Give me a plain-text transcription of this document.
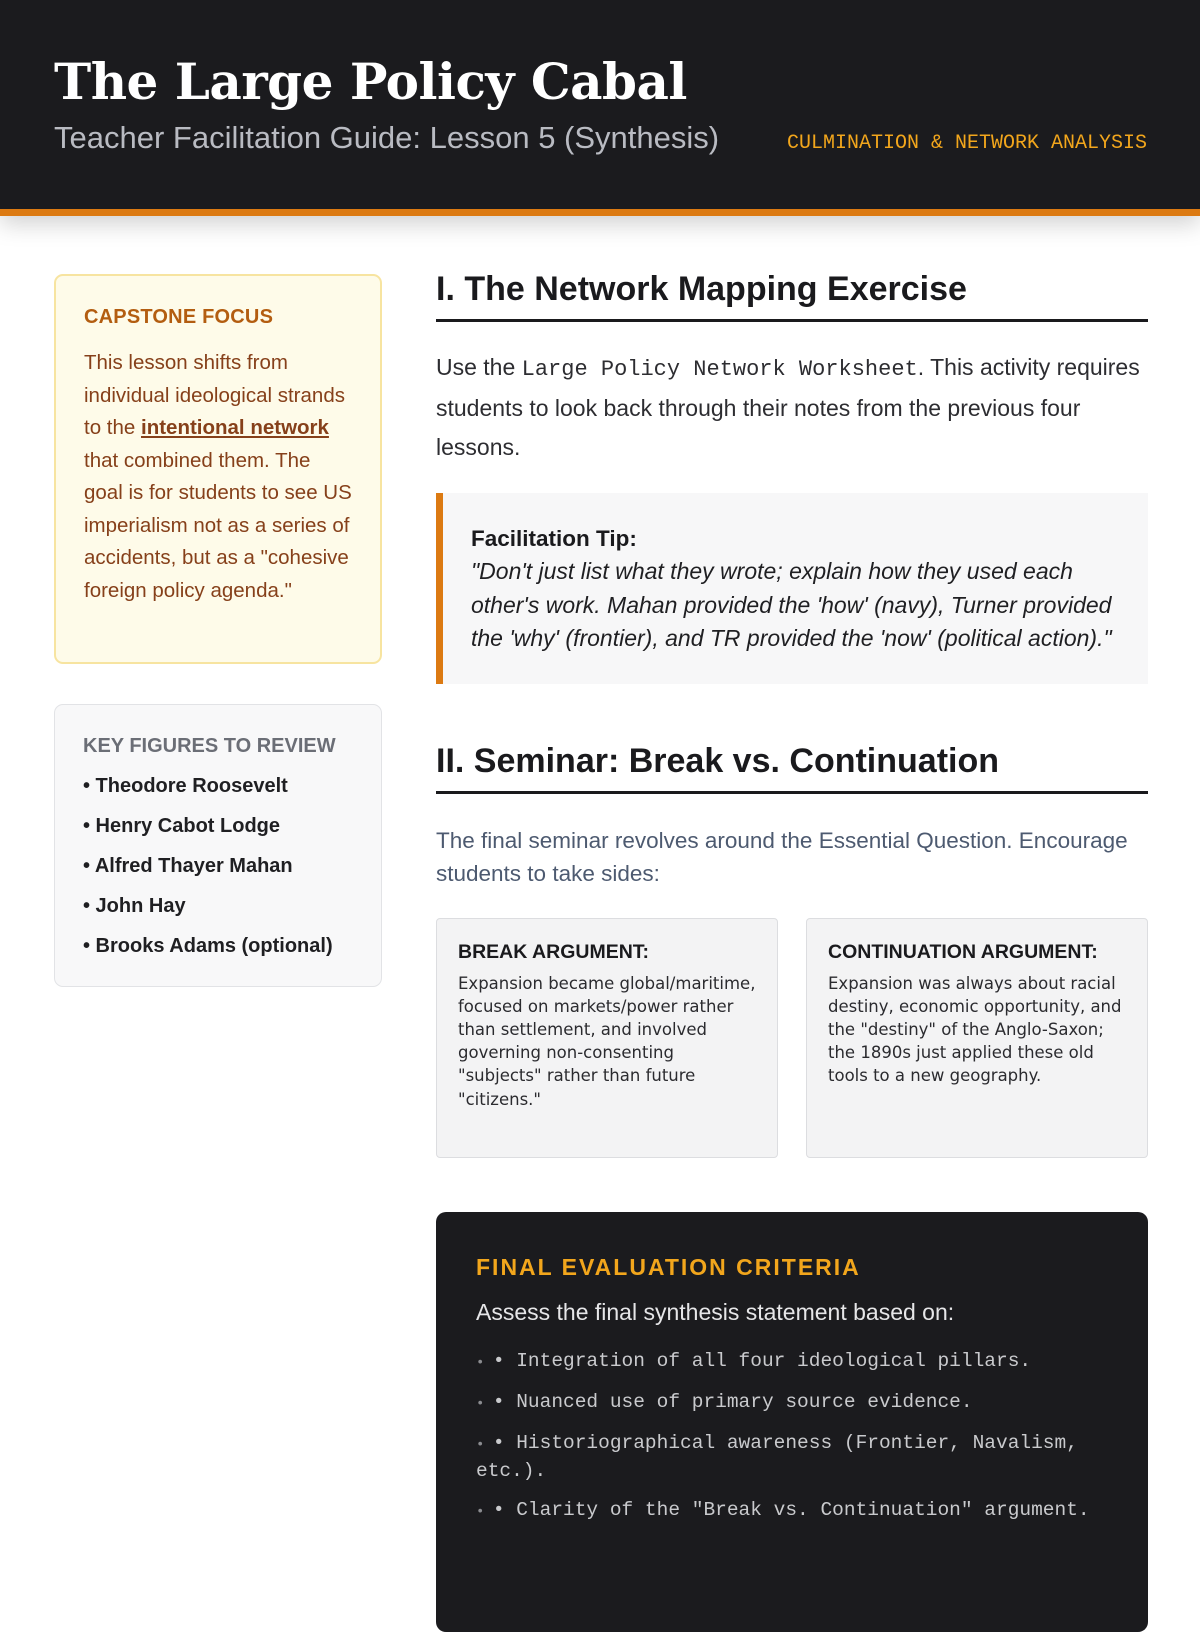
The Large Policy Cabal
Teacher Facilitation Guide: Lesson 5 (Synthesis)	CULMINATION & NETWORK ANALYSIS
CAPSTONE FOCUS
This lesson shifts from individual ideological strands to the intentional network that combined them. The goal is for students to see US imperialism not as a series of accidents, but as a "cohesive foreign policy agenda."
KEY FIGURES TO REVIEW
• Theodore Roosevelt
• Henry Cabot Lodge
• Alfred Thayer Mahan
• John Hay
• Brooks Adams (optional)
I. The Network Mapping Exercise

Use the Large Policy Network Worksheet. This activity requires students to look back through their notes from the previous four lessons.

Facilitation Tip:
"Don't just list what they wrote; explain how they used each other's work. Mahan provided the 'how' (navy), Turner provided the 'why' (frontier), and TR provided the 'now' (political action)."
II. Seminar: Break vs. Continuation

The final seminar revolves around the Essential Question. Encourage students to take sides:

BREAK ARGUMENT:
Expansion became global/maritime, focused on markets/power rather than settlement, and involved governing non-consenting "subjects" rather than future "citizens."
CONTINUATION ARGUMENT:
Expansion was always about racial destiny, economic opportunity, and the "destiny" of the Anglo-Saxon; the 1890s just applied these old tools to a new geography.
FINAL EVALUATION CRITERIA
Assess the final synthesis statement based on:
• • Integration of all four ideological pillars.
• • Nuanced use of primary source evidence.
• • Historiographical awareness (Frontier, Navalism, etc.).
• • Clarity of the "Break vs. Continuation" argument.
